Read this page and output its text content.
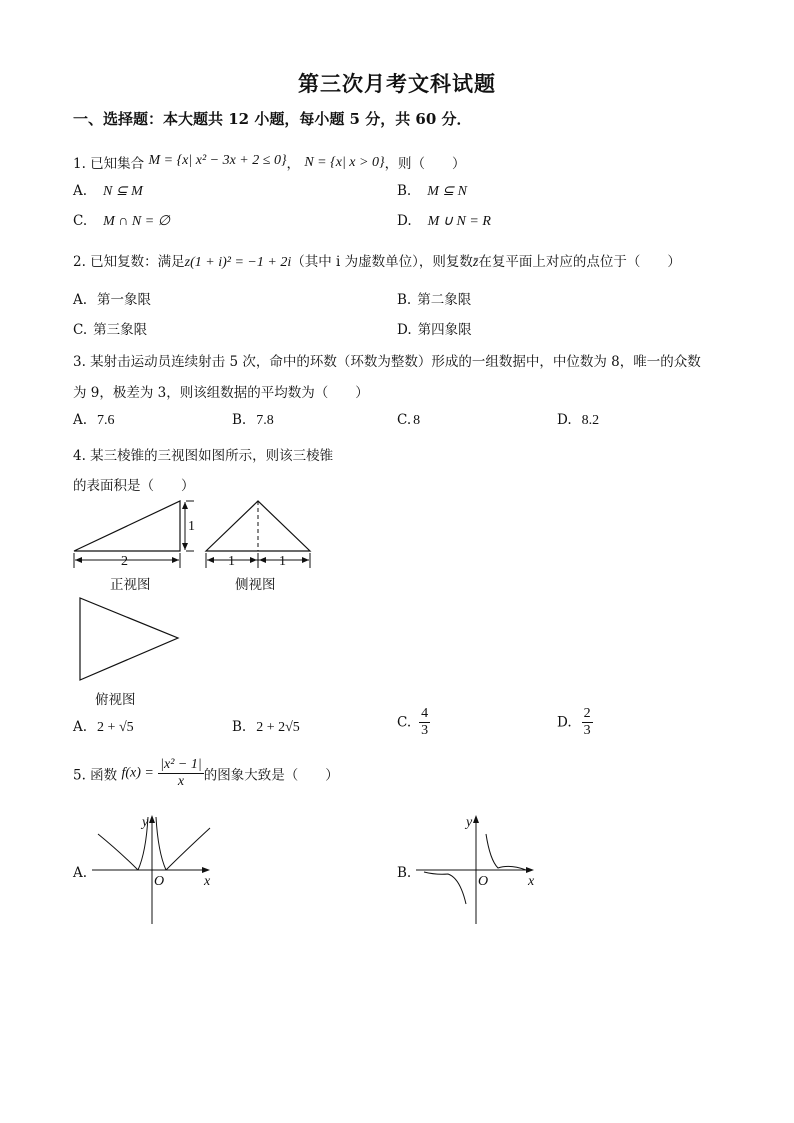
第三次月考文科试题
一、选择题：本大题共 12 小题，每小题 5 分，共 60 分．
1. 已知集合 M = {x| x² − 3x + 2 ≤ 0}， N = {x| x > 0}，则（　　）
A. N ⊆ M	B. M ⊆ N
C. M ∩ N = ∅	D. M ∪ N = R
2. 已知复数：满足z(1 + i)² = −1 + 2i（其中 i 为虚数单位），则复数z̄在复平面上对应的点位于（　　）
A. 第一象限	B. 第二象限
C. 第三象限	D. 第四象限
3. 某射击运动员连续射击 5 次，命中的环数（环数为整数）形成的一组数据中，中位数为 8，唯一的众数
为 9，极差为 3，则该组数据的平均数为（　　）
A. 7.6	B. 7.8	C. 8	D. 8.2
4. 某三棱锥的三视图如图所示，则该三棱锥
的表面积是（　　）
1
2	1	1
正视图	侧视图
俯视图
A. 2 + √5	B. 2 + 2√5	C. $\frac{4}{3}$	D. $\frac{2}{3}$
5. 函数 $f(x) = \frac{\text{|x² − 1|}}{x}$ 的图象大致是（　　）
A.
y
x
O
B.
y
x
O
